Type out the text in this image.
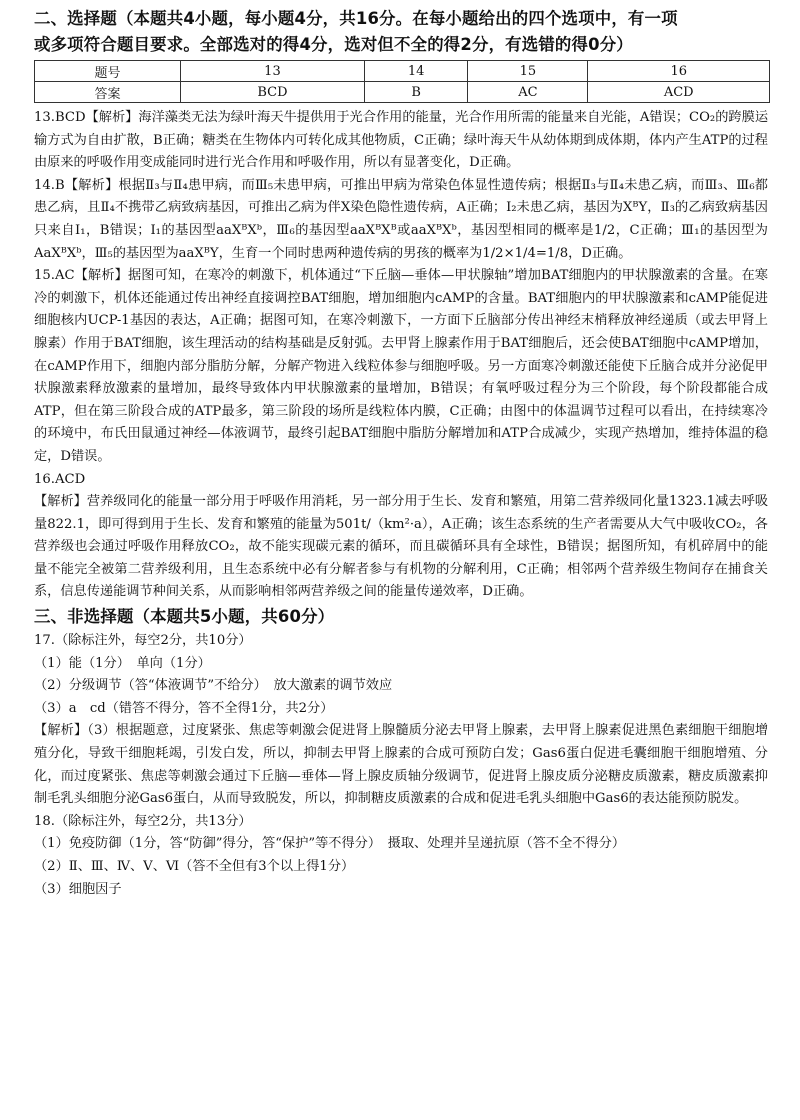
二、选择题（本题共4小题，每小题4分，共16分。在每小题给出的四个选项中，有一项

或多项符合题目要求。全部选对的得4分，选对但不全的得2分，有选错的得0分）

题号	13	14	15	16
答案	BCD	B	AC	ACD

13.BCD【解析】海洋藻类无法为绿叶海天牛提供用于光合作用的能量，光合作用所需的能量来自光能，A错误；CO₂的跨膜运输方式为自由扩散，B正确；糖类在生物体内可转化成其他物质，C正确；绿叶海天牛从幼体期到成体期，体内产生ATP的过程由原来的呼吸作用变成能同时进行光合作用和呼吸作用，所以有显著变化，D正确。

14.B【解析】根据Ⅱ₃与Ⅱ₄患甲病，而Ⅲ₅未患甲病，可推出甲病为常染色体显性遗传病；根据Ⅱ₃与Ⅱ₄未患乙病，而Ⅲ₃、Ⅲ₆都患乙病，且Ⅱ₄不携带乙病致病基因，可推出乙病为伴X染色隐性遗传病，A正确；I₂未患乙病，基因为XᴮY，Ⅱ₃的乙病致病基因只来自I₁，B错误；I₁的基因型aaXᴮXᵇ，Ⅲ₆的基因型aaXᴮXᴮ或aaXᴮXᵇ，基因型相同的概率是1/2，C正确；Ⅲ₁的基因型为AaXᴮXᵇ，Ⅲ₅的基因型为aaXᴮY，生育一个同时患两种遗传病的男孩的概率为1/2×1/4=1/8，D正确。

15.AC【解析】据图可知，在寒冷的刺激下，机体通过“下丘脑—垂体—甲状腺轴”增加BAT细胞内的甲状腺激素的含量。在寒冷的刺激下，机体还能通过传出神经直接调控BAT细胞，增加细胞内cAMP的含量。BAT细胞内的甲状腺激素和cAMP能促进细胞核内UCP-1基因的表达，A正确；据图可知，在寒冷刺激下，一方面下丘脑部分传出神经末梢释放神经递质（或去甲肾上腺素）作用于BAT细胞，该生理活动的结构基础是反射弧。去甲肾上腺素作用于BAT细胞后，还会使BAT细胞中cAMP增加，在cAMP作用下，细胞内部分脂肪分解，分解产物进入线粒体参与细胞呼吸。另一方面寒冷刺激还能使下丘脑合成并分泌促甲状腺激素释放激素的量增加，最终导致体内甲状腺激素的量增加，B错误；有氧呼吸过程分为三个阶段，每个阶段都能合成ATP，但在第三阶段合成的ATP最多，第三阶段的场所是线粒体内膜，C正确；由图中的体温调节过程可以看出，在持续寒冷的环境中，布氏田鼠通过神经—体液调节，最终引起BAT细胞中脂肪分解增加和ATP合成减少，实现产热增加，维持体温的稳定，D错误。

16.ACD

【解析】营养级同化的能量一部分用于呼吸作用消耗，另一部分用于生长、发育和繁殖，用第二营养级同化量1323.1减去呼吸量822.1，即可得到用于生长、发育和繁殖的能量为501t/（km²·a），A正确；该生态系统的生产者需要从大气中吸收CO₂，各营养级也会通过呼吸作用释放CO₂，故不能实现碳元素的循环，而且碳循环具有全球性，B错误；据图所知，有机碎屑中的能量不能完全被第二营养级利用，且生态系统中必有分解者参与有机物的分解利用，C正确；相邻两个营养级生物间存在捕食关系，信息传递能调节种间关系，从而影响相邻两营养级之间的能量传递效率，D正确。

三、非选择题（本题共5小题，共60分）

17.（除标注外，每空2分，共10分）

（1）能（1分）　单向（1分）

（2）分级调节（答“体液调节”不给分）　放大激素的调节效应

（3）a　cd（错答不得分，答不全得1分，共2分）

【解析】（3）根据题意，过度紧张、焦虑等刺激会促进肾上腺髓质分泌去甲肾上腺素，去甲肾上腺素促进黑色素细胞干细胞增殖分化，导致干细胞耗竭，引发白发，所以，抑制去甲肾上腺素的合成可预防白发；Gas6蛋白促进毛囊细胞干细胞增殖、分化，而过度紧张、焦虑等刺激会通过下丘脑—垂体—肾上腺皮质轴分级调节，促进肾上腺皮质分泌糖皮质激素，糖皮质激素抑制毛乳头细胞分泌Gas6蛋白，从而导致脱发，所以，抑制糖皮质激素的合成和促进毛乳头细胞中Gas6的表达能预防脱发。

18.（除标注外，每空2分，共13分）

（1）免疫防御（1分，答“防御”得分，答“保护”等不得分）　摄取、处理并呈递抗原（答不全不得分）

（2）Ⅱ、Ⅲ、Ⅳ、Ⅴ、Ⅵ（答不全但有3个以上得1分）

（3）细胞因子
